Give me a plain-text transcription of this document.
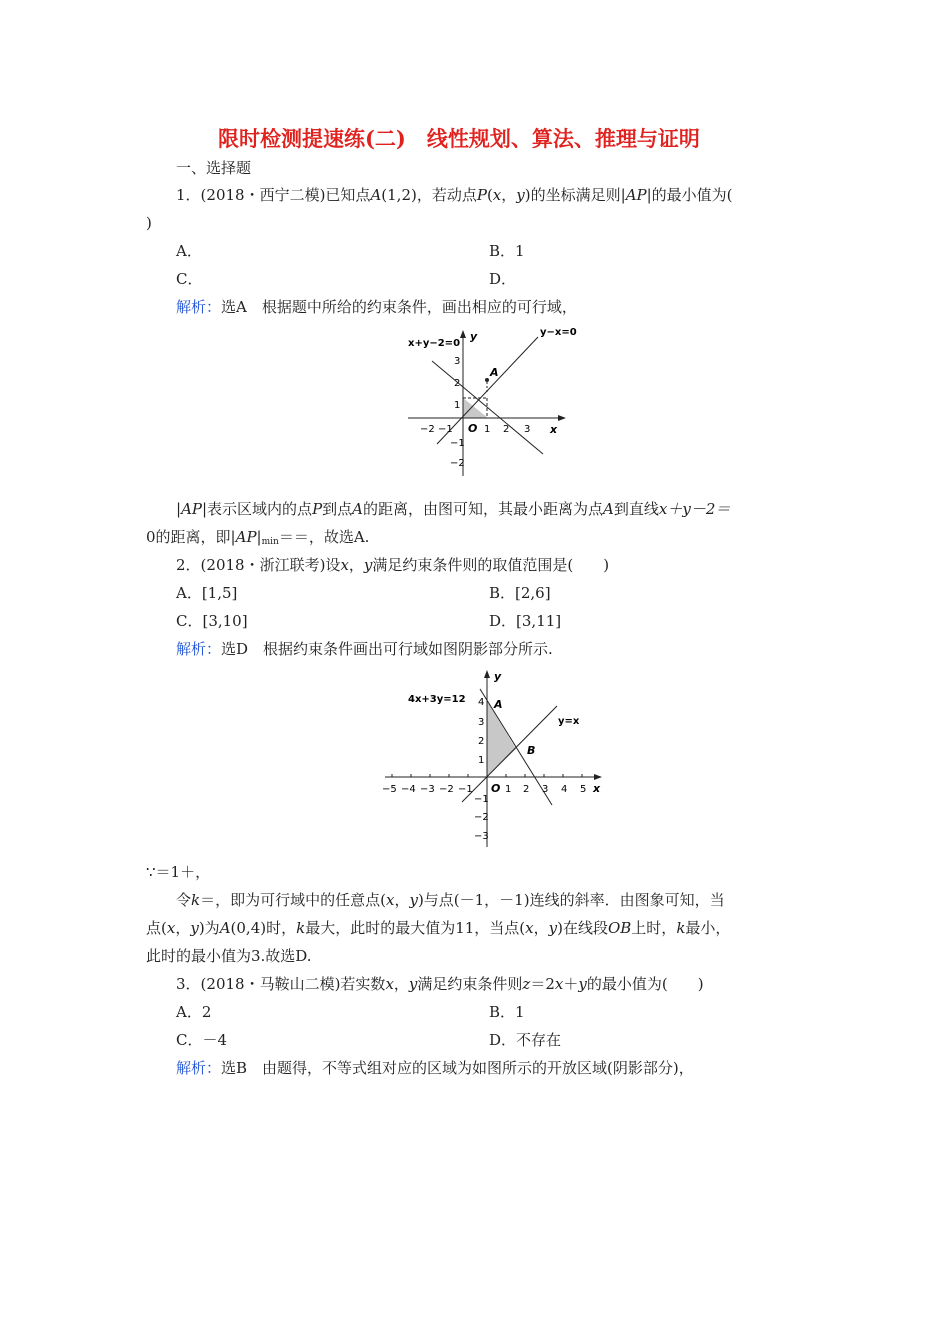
限时检测提速练(二)　线性规划、算法、推理与证明
一、选择题
1．(2018・西宁二模)已知点A(1,2)，若动点P(x，y)的坐标满足则|AP|的最小值为(
)
A．	B．1
C．	D．
解析：选A　根据题中所给的约束条件，画出相应的可行域，
x+y−2=0
y−x=0
y
x
O
A
−2 −1	1 2 3
3
2
1
−1
−2
|AP|表示区域内的点P到点A的距离，由图可知，其最小距离为点A到直线x＋y－2＝
0的距离，即$|AP|_{min}==$，故选A.
2．(2018・浙江联考)设x，y满足约束条件则的取值范围是(　　)
A．[1,5]	B．[2,6]
C．[3,10]	D．[3,11]
解析：选D　根据约束条件画出可行域如图阴影部分所示.
4x+3y=12
y=x
y
x
O
A
B
−5 −4 −3 −2 −1	1 2 3 4 5
4
3
2
1
−1
−2
−3
∵＝1＋，
令k＝，即为可行域中的任意点(x，y)与点(－1，－1)连线的斜率．由图象可知，当
点(x，y)为A(0,4)时，k最大，此时的最大值为11，当点(x，y)在线段OB上时，k最小，
此时的最小值为3.故选D.
3．(2018・马鞍山二模)若实数x，y满足约束条件则z＝2x＋y的最小值为(　　)
A．2	B．1
C．－4	D．不存在
解析：选B　由题得，不等式组对应的区域为如图所示的开放区域(阴影部分)，
